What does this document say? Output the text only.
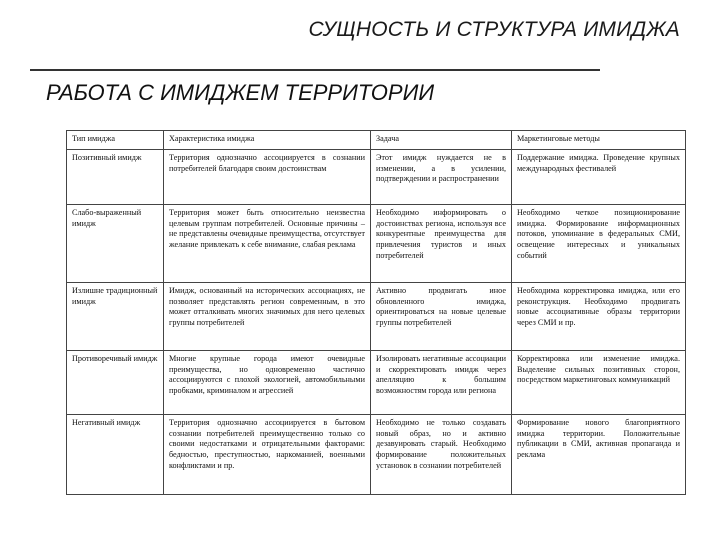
СУЩНОСТЬ И СТРУКТУРА ИМИДЖА
РАБОТА С ИМИДЖЕМ ТЕРРИТОРИИ
Тип имиджа	Характеристика имиджа	Задача	Маркетинговые методы
Позитивный имидж	Территория однозначно ассоциируется в сознании потребителей благодаря своим достоинствам	Этот имидж нуждается не в изменении, а в усилении, подтверждении и распространении	Поддержание имиджа. Проведение крупных международных фестивалей
Слабо-выраженный имидж	Территория может быть относительно неизвестна целевым группам потребителей. Основные причины – не представлены очевидные преимущества, отсутствует желание привлекать к себе внимание, слабая реклама	Необходимо информировать о достоинствах региона, используя все конкурентные преимущества для привлечения туристов и иных потребителей	Необходимо четкое позиционирование имиджа. Формирование информационных потоков, упоминание в федеральных СМИ, освещение интересных и уникальных событий
Излишне традиционный имидж	Имидж, основанный на исторических ассоциациях, не позволяет представлять регион современным, в это может отталкивать многих значимых для него целевых группы потребителей	Активно продвигать иное обновленного имиджа, ориентироваться на новые целевые группы потребителей	Необходима корректировка имиджа, или его реконструкция. Необходимо продвигать новые ассоциативные образы территории через СМИ и пр.
Противоречивый имидж	Многие крупные города имеют очевидные преимущества, но одновременно частично ассоциируются с плохой экологией, автомобильными пробками, криминалом и агрессией	Изолировать негативные ассоциации и скорректировать имидж через апелляцию к большим возможностям города или региона	Корректировка или изменение имиджа. Выделение сильных позитивных сторон, посредством маркетинговых коммуникаций
Негативный имидж	Территория однозначно ассоциируется в бытовом сознании потребителей преимущественно только со своими недостатками и отрицательными факторами: бедностью, преступностью, наркоманией, военными конфликтами и пр.	Необходимо не только создавать новый образ, но и активно дезавуировать старый. Необходимо формирование положительных установок в сознании потребителей	Формирование нового благоприятного имиджа территории. Положительные публикации в СМИ, активная пропаганда и реклама
